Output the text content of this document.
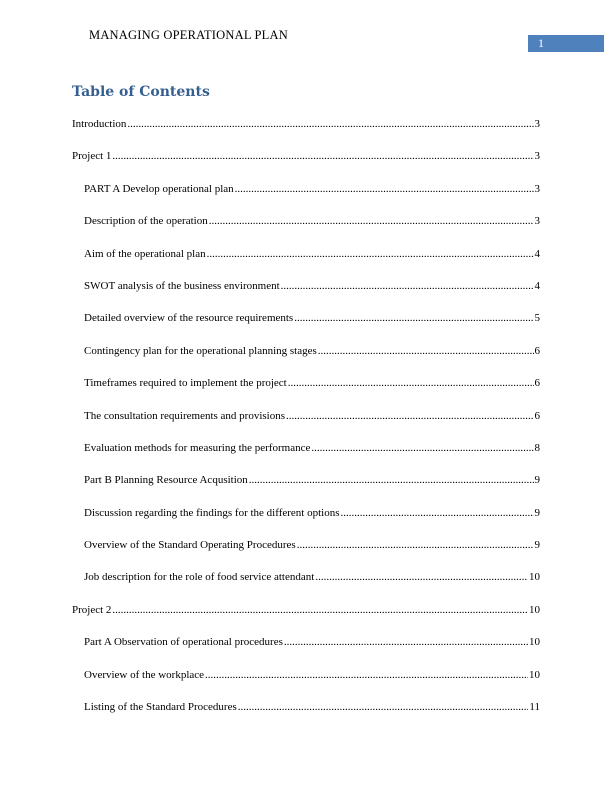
MANAGING OPERATIONAL PLAN
1
Table of Contents
Introduction .....	3
Project 1 .....	3
PART A Develop operational plan .....	3
Description of the operation .....	3
Aim of the operational plan .....	4
SWOT analysis of the business environment .....	4
Detailed overview of the resource requirements .....	5
Contingency plan for the operational planning stages .....	6
Timeframes required to implement the project .....	6
The consultation requirements and provisions .....	6
Evaluation methods for measuring the performance .....	8
Part B Planning Resource Acqusition .....	9
Discussion regarding the findings for the different options .....	9
Overview of the Standard Operating Procedures .....	9
Job description for the role of food service attendant .....	10
Project 2 .....	10
Part A Observation of operational procedures .....	10
Overview of the workplace .....	10
Listing of the Standard Procedures .....	11
